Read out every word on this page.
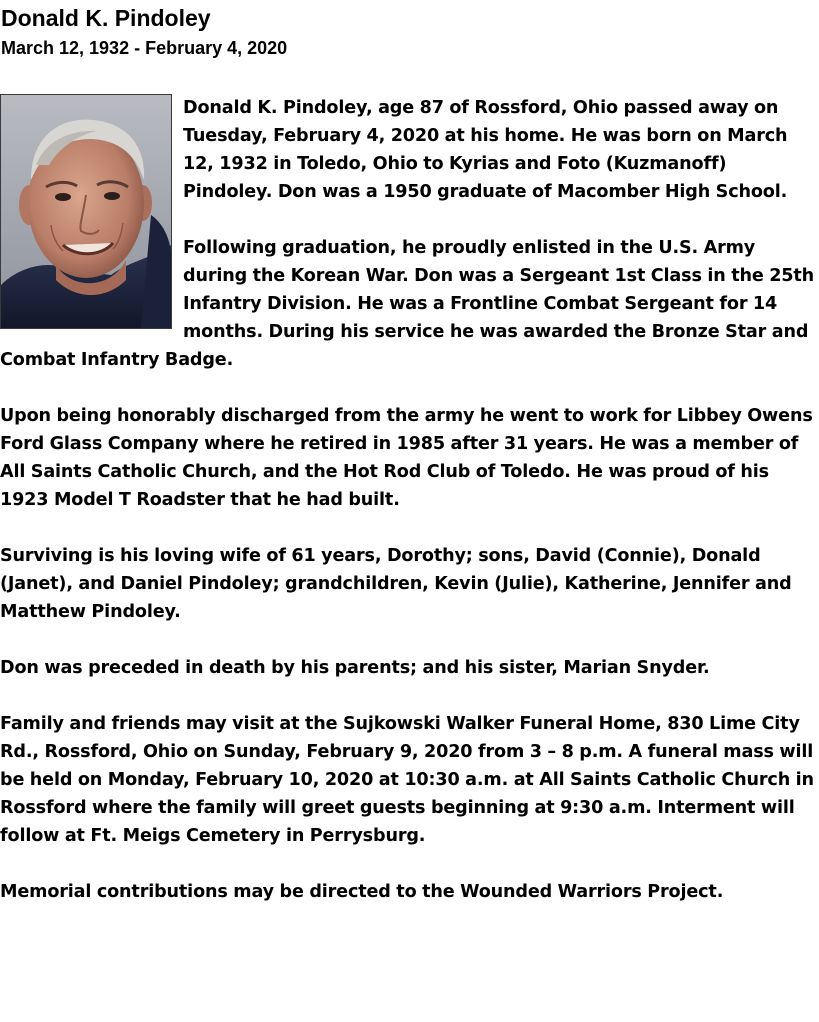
Donald K. Pindoley
March 12, 1932 - February 4, 2020

Donald K. Pindoley, age 87 of Rossford, Ohio passed away on Tuesday, February 4, 2020 at his home. He was born on March 12, 1932 in Toledo, Ohio to Kyrias and Foto (Kuzmanoff) Pindoley. Don was a 1950 graduate of Macomber High School.

Following graduation, he proudly enlisted in the U.S. Army during the Korean War. Don was a Sergeant 1st Class in the 25th Infantry Division. He was a Frontline Combat Sergeant for 14 months. During his service he was awarded the Bronze Star and Combat Infantry Badge.

Upon being honorably discharged from the army he went to work for Libbey Owens Ford Glass Company where he retired in 1985 after 31 years. He was a member of All Saints Catholic Church, and the Hot Rod Club of Toledo. He was proud of his 1923 Model T Roadster that he had built.

Surviving is his loving wife of 61 years, Dorothy; sons, David (Connie), Donald (Janet), and Daniel Pindoley; grandchildren, Kevin (Julie), Katherine, Jennifer and Matthew Pindoley.

Don was preceded in death by his parents; and his sister, Marian Snyder.

Family and friends may visit at the Sujkowski Walker Funeral Home, 830 Lime City Rd., Rossford, Ohio on Sunday, February 9, 2020 from 3 – 8 p.m. A funeral mass will be held on Monday, February 10, 2020 at 10:30 a.m. at All Saints Catholic Church in Rossford where the family will greet guests beginning at 9:30 a.m. Interment will follow at Ft. Meigs Cemetery in Perrysburg.

Memorial contributions may be directed to the Wounded Warriors Project.
